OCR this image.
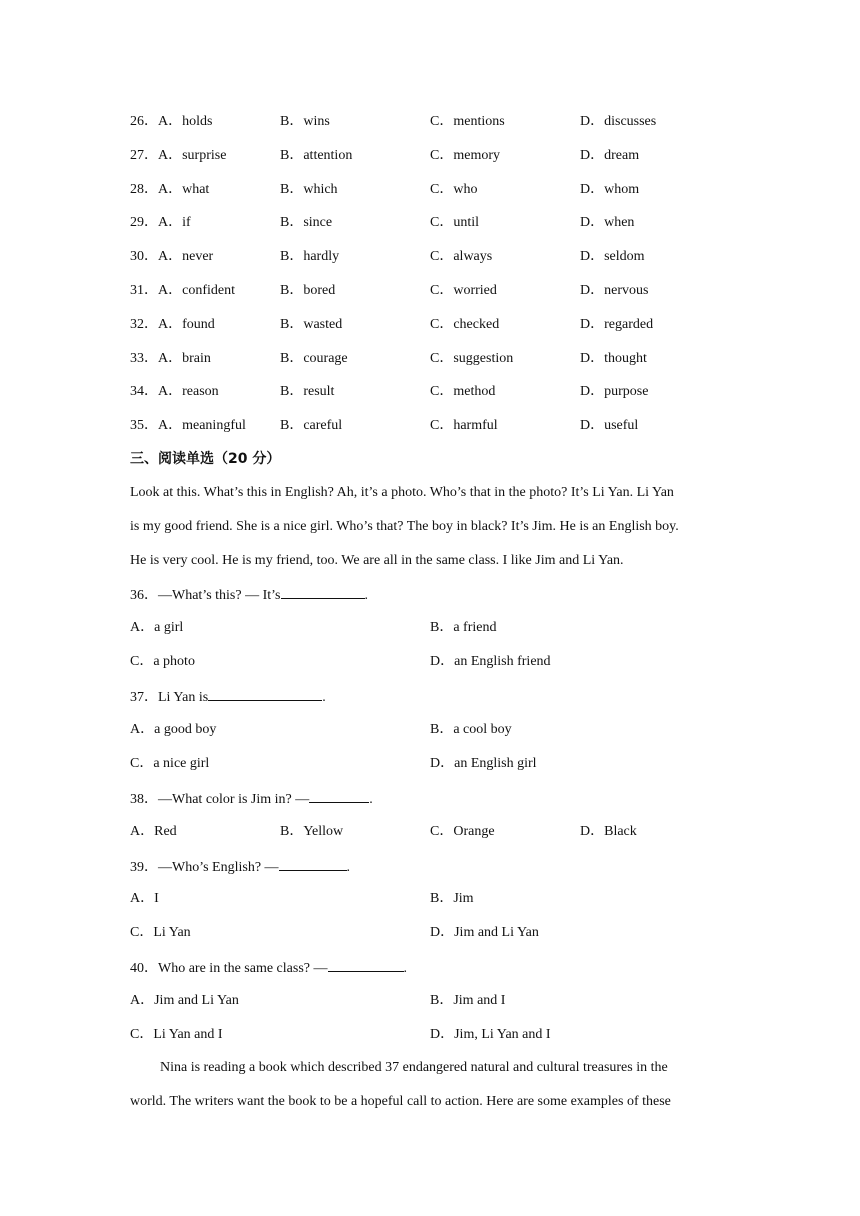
26．A．holds	B．wins	C．mentions	D．discusses
27．A．surprise	B．attention	C．memory	D．dream
28．A．what	B．which	C．who	D．whom
29．A．if	B．since	C．until	D．when
30．A．never	B．hardly	C．always	D．seldom
31．A．confident	B．bored	C．worried	D．nervous
32．A．found	B．wasted	C．checked	D．regarded
33．A．brain	B．courage	C．suggestion	D．thought
34．A．reason	B．result	C．method	D．purpose
35．A．meaningful B．careful	C．harmful	D．useful
三、阅读单选（20 分）
Look at this. What’s this in English? Ah, it’s a photo. Who’s that in the photo? It’s Li Yan. Li Yan
is my good friend. She is a nice girl. Who’s that? The boy in black? It’s Jim. He is an English boy.
He is very cool. He is my friend, too. We are all in the same class. I like Jim and Li Yan.
36．—What’s this? — It’s	.
A．a girl	B．a friend
C．a photo	D．an English friend
37．Li Yan is	.
A．a good boy	B．a cool boy
C．a nice girl	D．an English girl
38．—What color is Jim in? —	.
A．Red	B．Yellow	C．Orange	D．Black
39．—Who’s English? —	.
A．I	B．Jim
C．Li Yan	D．Jim and Li Yan
40．Who are in the same class? —	.
A．Jim and Li Yan	B．Jim and I
C．Li Yan and I	D．Jim, Li Yan and I
Nina is reading a book which described 37 endangered natural and cultural treasures in the
world. The writers want the book to be a hopeful call to action. Here are some examples of these
